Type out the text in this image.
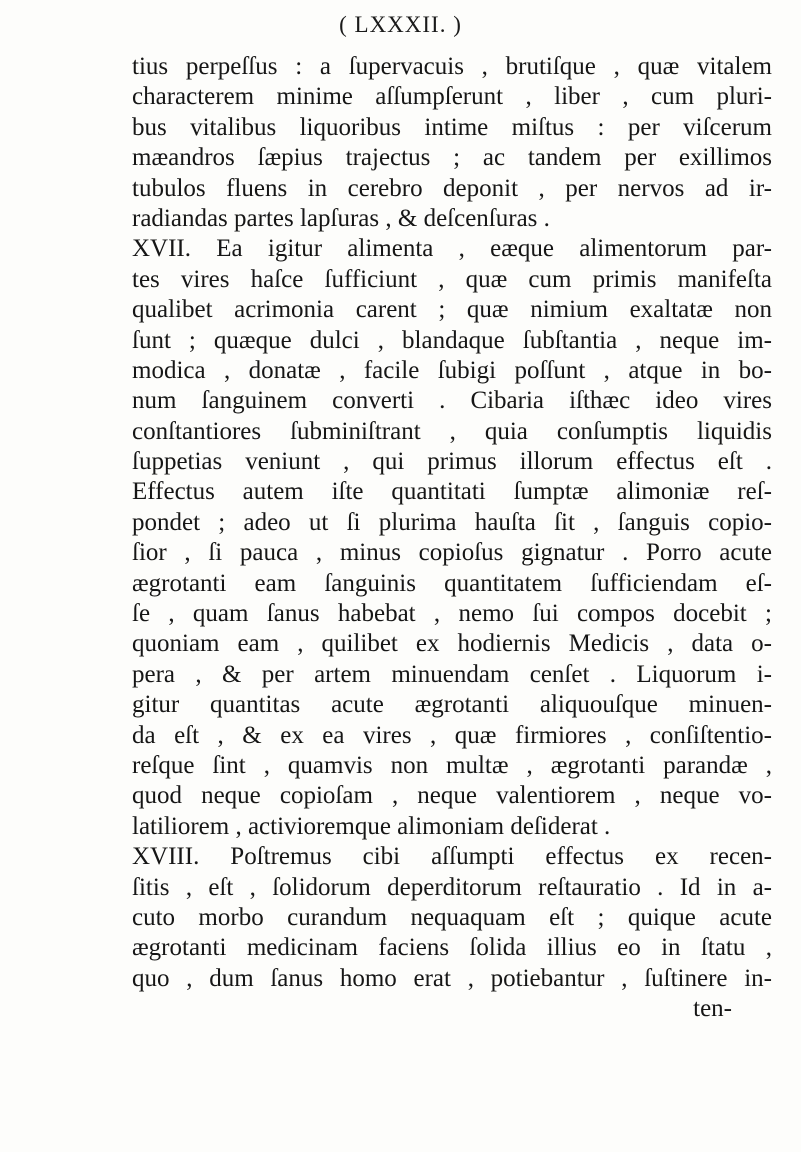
( LXXXII. )
tius perpeſſus : a ſupervacuis , brutiſque , quæ vitalem
characterem minime aſſumpſerunt , liber , cum pluri-
bus vitalibus liquoribus intime miſtus : per viſcerum
mæandros ſæpius trajectus ; ac tandem per exillimos
tubulos fluens in cerebro deponit , per nervos ad ir-
radiandas partes lapſuras , & deſcenſuras .
XVII. Ea igitur alimenta , eæque alimentorum par-
tes vires haſce ſufficiunt , quæ cum primis manifeſta
qualibet acrimonia carent ; quæ nimium exaltatæ non
ſunt ; quæque dulci , blandaque ſubſtantia , neque im-
modica , donatæ , facile ſubigi poſſunt , atque in bo-
num ſanguinem converti . Cibaria iſthæc ideo vires
conſtantiores ſubminiſtrant , quia conſumptis liquidis
ſuppetias veniunt , qui primus illorum effectus eſt .
Effectus autem iſte quantitati ſumptæ alimoniæ reſ-
pondet ; adeo ut ſi plurima hauſta ſit , ſanguis copio-
ſior , ſi pauca , minus copioſus gignatur . Porro acute
ægrotanti eam ſanguinis quantitatem ſufficiendam eſ-
ſe , quam ſanus habebat , nemo ſui compos docebit ;
quoniam eam , quilibet ex hodiernis Medicis , data o-
pera , & per artem minuendam cenſet . Liquorum i-
gitur quantitas acute ægrotanti aliquouſque minuen-
da eſt , & ex ea vires , quæ firmiores , conſiſtentio-
reſque ſint , quamvis non multæ , ægrotanti parandæ ,
quod neque copioſam , neque valentiorem , neque vo-
latiliorem , activioremque alimoniam deſiderat .
XVIII. Poſtremus cibi aſſumpti effectus ex recen-
ſitis , eſt , ſolidorum deperditorum reſtauratio . Id in a-
cuto morbo curandum nequaquam eſt ; quique acute
ægrotanti medicinam faciens ſolida illius eo in ſtatu ,
quo , dum ſanus homo erat , potiebantur , ſuſtinere in-
ten-
